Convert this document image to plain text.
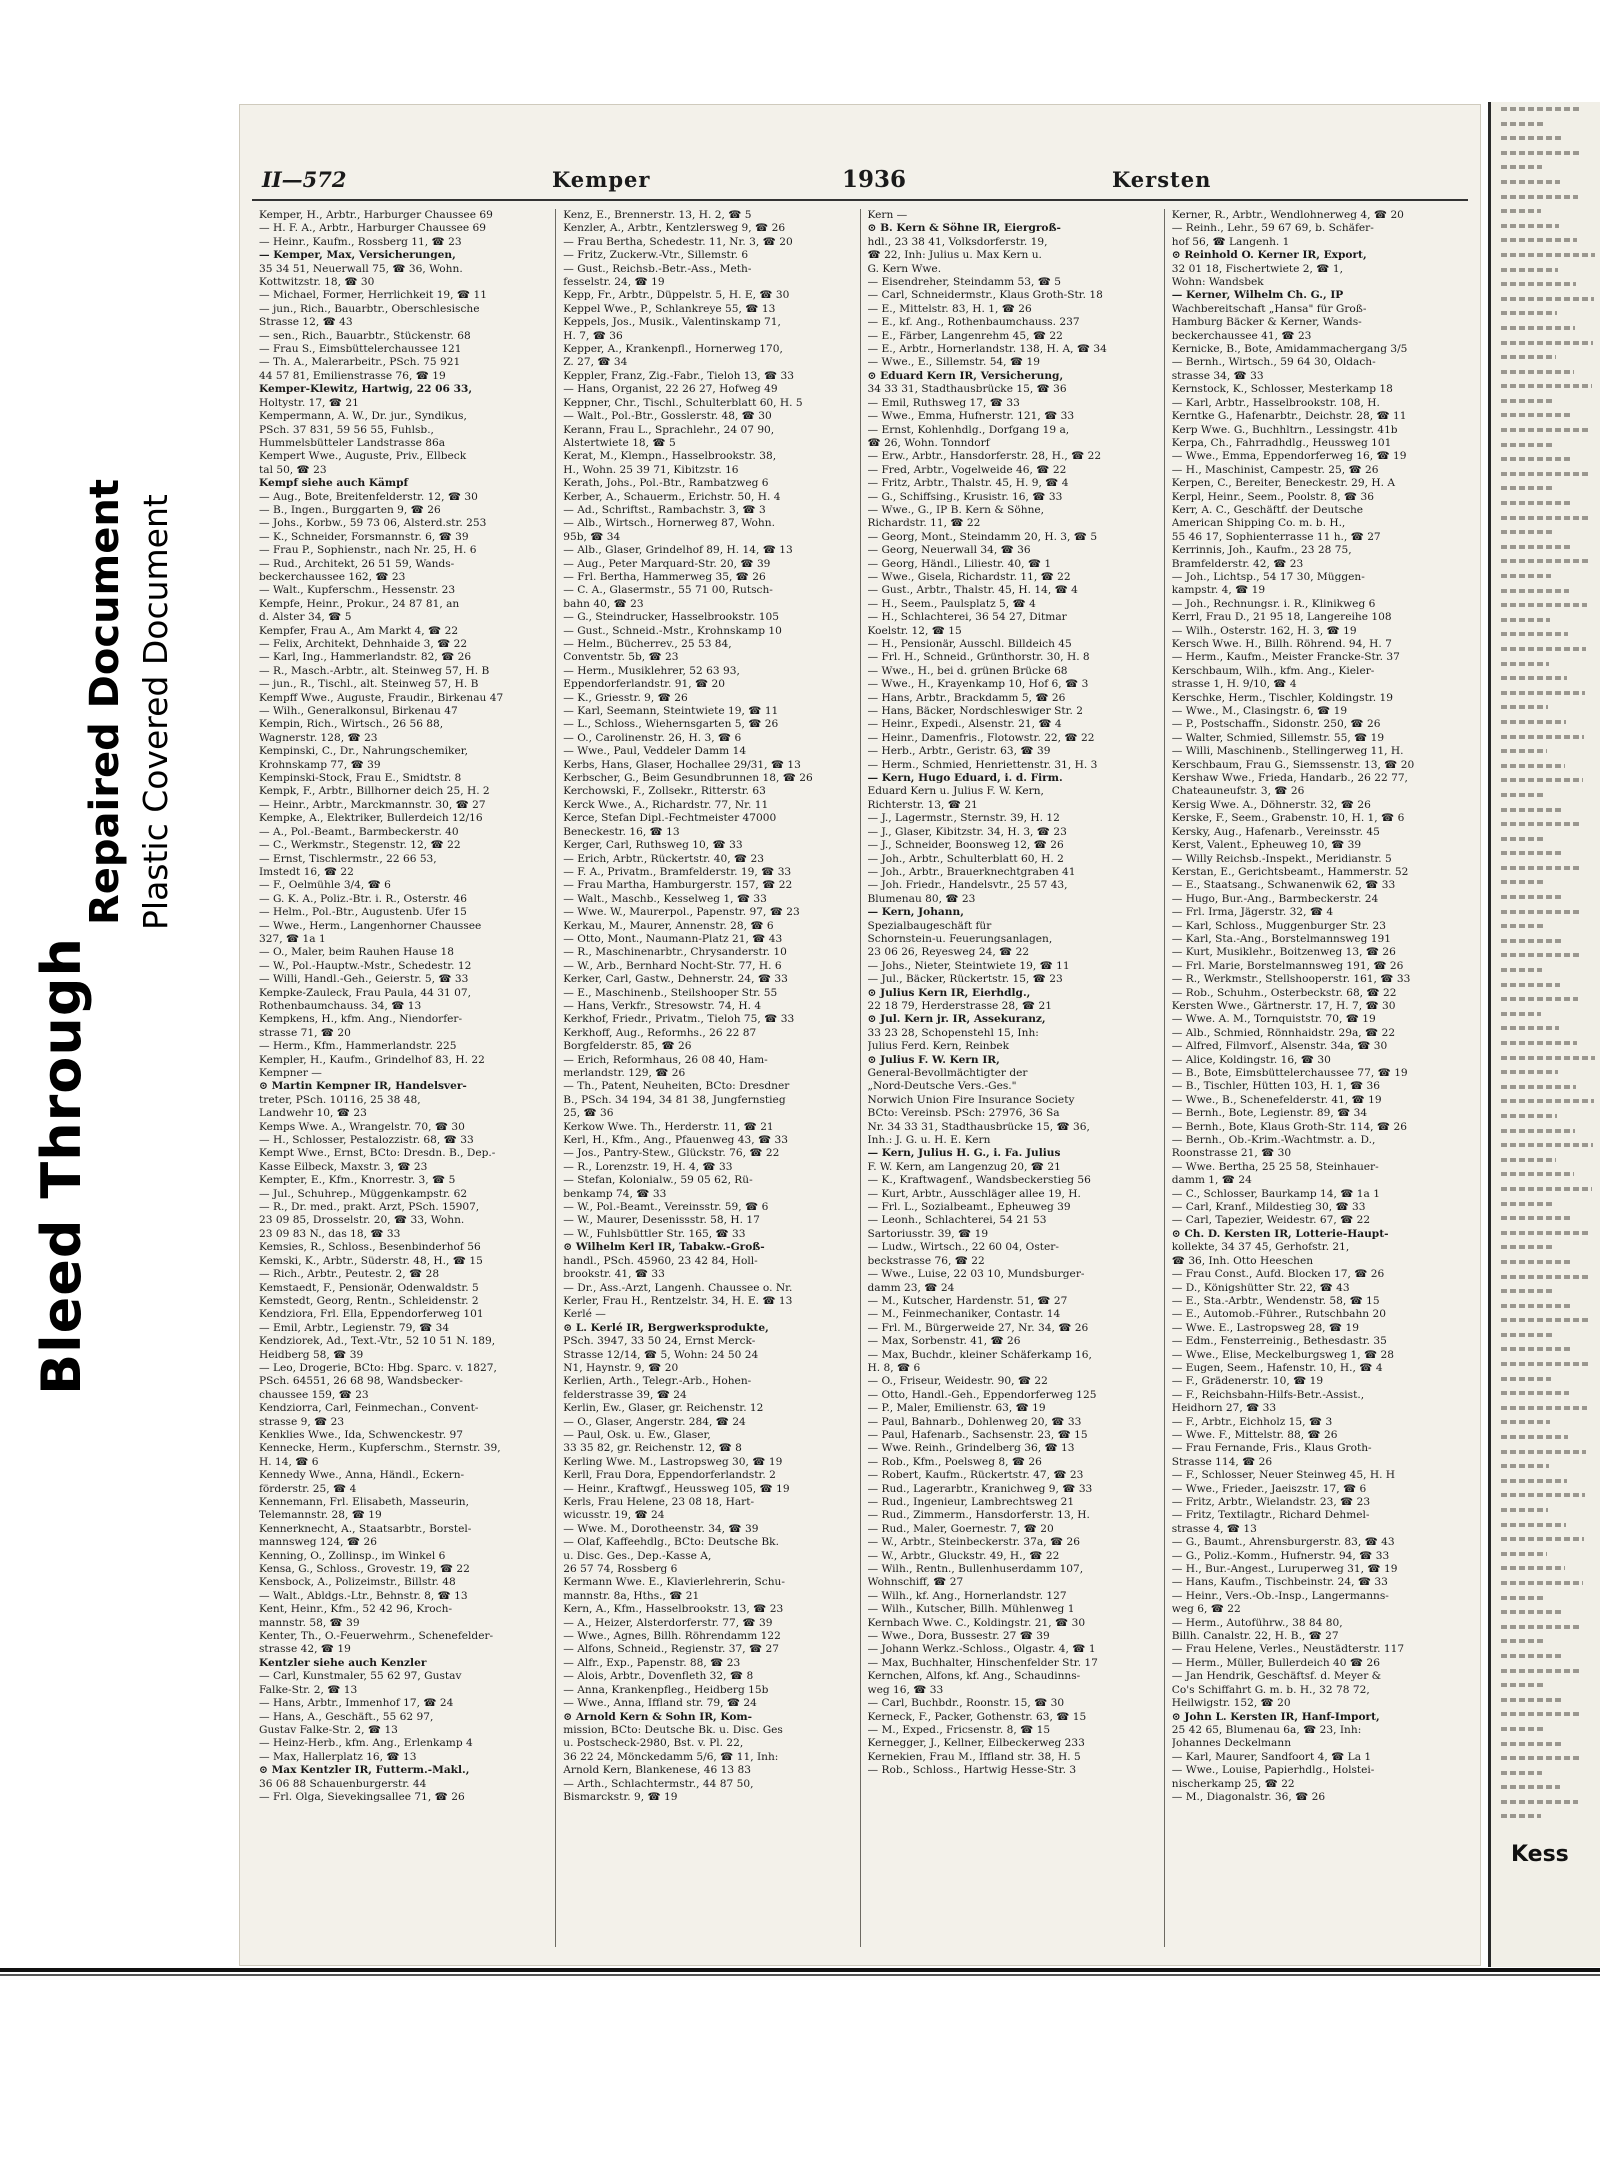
Bleed Through
Repaired Document Plastic Covered Document
II—572	Kemper	1936	Kersten
Kemper, H., Arbtr., Harburger Chaussee 69
— H. F. A., Arbtr., Harburger Chaussee 69
— Heinr., Kaufm., Rossberg 11, ☎ 23
— Kemper, Max, Versicherungen,
35 34 51, Neuerwall 75, ☎ 36, Wohn.
Kottwitzstr. 18, ☎ 30
— Michael, Former, Herrlichkeit 19, ☎ 11
— jun., Rich., Bauarbtr., Oberschlesische
Strasse 12, ☎ 43
— sen., Rich., Bauarbtr., Stückenstr. 68
— Frau S., Eimsbüttelerchaussee 121
— Th. A., Malerarbeitr., PSch. 75 921
44 57 81, Emilienstrasse 76, ☎ 19
Kemper-Klewitz, Hartwig, 22 06 33,
Holtystr. 17, ☎ 21
Kempermann, A. W., Dr. jur., Syndikus,
PSch. 37 831, 59 56 55, Fuhlsb.,
Hummelsbütteler Landstrasse 86a
Kempert Wwe., Auguste, Priv., Ellbeck
tal 50, ☎ 23
Kempf siehe auch Kämpf
— Aug., Bote, Breitenfelderstr. 12, ☎ 30
— B., Ingen., Burggarten 9, ☎ 26
— Johs., Korbw., 59 73 06, Alsterd.str. 253
— K., Schneider, Forsmannstr. 6, ☎ 39
— Frau P., Sophienstr., nach Nr. 25, H. 6
— Rud., Architekt, 26 51 59, Wands-
beckerchaussee 162, ☎ 23
— Walt., Kupferschm., Hessenstr. 23
Kempfe, Heinr., Prokur., 24 87 81, an
d. Alster 34, ☎ 5
Kempfer, Frau A., Am Markt 4, ☎ 22
— Felix, Architekt, Dehnhaide 3, ☎ 22
— Karl, Ing., Hammerlandstr. 82, ☎ 26
— R., Masch.-Arbtr., alt. Steinweg 57, H. B
— jun., R., Tischl., alt. Steinweg 57, H. B
Kempff Wwe., Auguste, Fraudir., Birkenau 47
— Wilh., Generalkonsul, Birkenau 47
Kempin, Rich., Wirtsch., 26 56 88,
Wagnerstr. 128, ☎ 23
Kempinski, C., Dr., Nahrungschemiker,
Krohnskamp 77, ☎ 39
Kempinski-Stock, Frau E., Smidtstr. 8
Kempk, F., Arbtr., Billhorner deich 25, H. 2
— Heinr., Arbtr., Marckmannstr. 30, ☎ 27
Kempke, A., Elektriker, Bullerdeich 12/16
— A., Pol.-Beamt., Barmbeckerstr. 40
— C., Werkmstr., Stegenstr. 12, ☎ 22
— Ernst, Tischlermstr., 22 66 53,
Imstedt 16, ☎ 22
— F., Oelmühle 3/4, ☎ 6
— G. K. A., Poliz.-Btr. i. R., Osterstr. 46
— Helm., Pol.-Btr., Augustenb. Ufer 15
— Wwe., Herm., Langenhorner Chaussee
327, ☎ 1a 1
— O., Maler, beim Rauhen Hause 18
— W., Pol.-Hauptw.-Mstr., Schedestr. 12
— Willi, Handl.-Geh., Geierstr. 5, ☎ 33
Kempke-Zauleck, Frau Paula, 44 31 07,
Rothenbaumchauss. 34, ☎ 13
Kempkens, H., kfm. Ang., Niendorfer-
strasse 71, ☎ 20
— Herm., Kfm., Hammerlandstr. 225
Kempler, H., Kaufm., Grindelhof 83, H. 22
Kempner —
⊙ Martin Kempner IR, Handelsver-
treter, PSch. 10116, 25 38 48,
Landwehr 10, ☎ 23
Kemps Wwe. A., Wrangelstr. 70, ☎ 30
— H., Schlosser, Pestalozzistr. 68, ☎ 33
Kempt Wwe., Ernst, BCto: Dresdn. B., Dep.-
Kasse Eilbeck, Maxstr. 3, ☎ 23
Kempter, E., Kfm., Knorrestr. 3, ☎ 5
— Jul., Schuhrep., Müggenkampstr. 62
— R., Dr. med., prakt. Arzt, PSch. 15907,
23 09 85, Drosselstr. 20, ☎ 33, Wohn.
23 09 83 N., das 18, ☎ 33
Kemsies, R., Schloss., Besenbinderhof 56
Kemski, K., Arbtr., Süderstr. 48, H., ☎ 15
— Rich., Arbtr., Peutestr. 2, ☎ 28
Kemstaedt, F., Pensionär, Odenwaldstr. 5
Kemstedt, Georg, Rentn., Schleidenstr. 2
Kendziora, Frl. Ella, Eppendorferweg 101
— Emil, Arbtr., Legienstr. 79, ☎ 34
Kendziorek, Ad., Text.-Vtr., 52 10 51 N. 189,
Heidberg 58, ☎ 39
— Leo, Drogerie, BCto: Hbg. Sparc. v. 1827,
PSch. 64551, 26 68 98, Wandsbecker-
chaussee 159, ☎ 23
Kendziorra, Carl, Feinmechan., Convent-
strasse 9, ☎ 23
Kenklies Wwe., Ida, Schwenckestr. 97
Kennecke, Herm., Kupferschm., Sternstr. 39,
H. 14, ☎ 6
Kennedy Wwe., Anna, Händl., Eckern-
förderstr. 25, ☎ 4
Kennemann, Frl. Elisabeth, Masseurin,
Telemannstr. 28, ☎ 19
Kennerknecht, A., Staatsarbtr., Borstel-
mannsweg 124, ☎ 26
Kenning, O., Zollinsp., im Winkel 6
Kensa, G., Schloss., Grovestr. 19, ☎ 22
Kensbock, A., Polizeimstr., Billstr. 48
— Walt., Abldgs.-Ltr., Behnstr. 8, ☎ 13
Kent, Heinr., Kfm., 52 42 96, Kroch-
mannstr. 58, ☎ 39
Kenter, Th., O.-Feuerwehrm., Schenefelder-
strasse 42, ☎ 19
Kentzler siehe auch Kenzler
— Carl, Kunstmaler, 55 62 97, Gustav
Falke-Str. 2, ☎ 13
— Hans, Arbtr., Immenhof 17, ☎ 24
— Hans, A., Geschäft., 55 62 97,
Gustav Falke-Str. 2, ☎ 13
— Heinz-Herb., kfm. Ang., Erlenkamp 4
— Max, Hallerplatz 16, ☎ 13
⊙ Max Kentzler IR, Futterm.-Makl.,
36 06 88 Schauenburgerstr. 44
— Frl. Olga, Sievekingsallee 71, ☎ 26
Kenz, E., Brennerstr. 13, H. 2, ☎ 5
Kenzler, A., Arbtr., Kentzlersweg 9, ☎ 26
— Frau Bertha, Schedestr. 11, Nr. 3, ☎ 20
— Fritz, Zuckerw.-Vtr., Sillemstr. 6
— Gust., Reichsb.-Betr.-Ass., Meth-
fesselstr. 24, ☎ 19
Kepp, Fr., Arbtr., Düppelstr. 5, H. E, ☎ 30
Keppel Wwe., P., Schlankreye 55, ☎ 13
Keppels, Jos., Musik., Valentinskamp 71,
H. 7, ☎ 36
Kepper, A., Krankenpfl., Hornerweg 170,
Z. 27, ☎ 34
Keppler, Franz, Zig.-Fabr., Tieloh 13, ☎ 33
— Hans, Organist, 22 26 27, Hofweg 49
Keppner, Chr., Tischl., Schulterblatt 60, H. 5
— Walt., Pol.-Btr., Gosslerstr. 48, ☎ 30
Kerann, Frau L., Sprachlehr., 24 07 90,
Alstertwiete 18, ☎ 5
Kerat, M., Klempn., Hasselbrookstr. 38,
H., Wohn. 25 39 71, Kibitzstr. 16
Kerath, Johs., Pol.-Btr., Rambatzweg 6
Kerber, A., Schauerm., Erichstr. 50, H. 4
— Ad., Schriftst., Rambachstr. 3, ☎ 3
— Alb., Wirtsch., Hornerweg 87, Wohn.
95b, ☎ 34
— Alb., Glaser, Grindelhof 89, H. 14, ☎ 13
— Aug., Peter Marquard-Str. 20, ☎ 39
— Frl. Bertha, Hammerweg 35, ☎ 26
— C. A., Glasermstr., 55 71 00, Rutsch-
bahn 40, ☎ 23
— G., Steindrucker, Hasselbrookstr. 105
— Gust., Schneid.-Mstr., Krohnskamp 10
— Helm., Bücherrev., 25 53 84,
Conventstr. 5b, ☎ 23
— Herm., Musiklehrer, 52 63 93,
Eppendorferlandstr. 91, ☎ 20
— K., Griesstr. 9, ☎ 26
— Karl, Seemann, Steintwiete 19, ☎ 11
— L., Schloss., Wiehernsgarten 5, ☎ 26
— O., Carolinenstr. 26, H. 3, ☎ 6
— Wwe., Paul, Veddeler Damm 14
Kerbs, Hans, Glaser, Hochallee 29/31, ☎ 13
Kerbscher, G., Beim Gesundbrunnen 18, ☎ 26
Kerchowski, F., Zollsekr., Ritterstr. 63
Kerck Wwe., A., Richardstr. 77, Nr. 11
Kerce, Stefan Dipl.-Fechtmeister 47000
Beneckestr. 16, ☎ 13
Kerger, Carl, Ruthsweg 10, ☎ 33
— Erich, Arbtr., Rückertstr. 40, ☎ 23
— F. A., Privatm., Bramfelderstr. 19, ☎ 33
— Frau Martha, Hamburgerstr. 157, ☎ 22
— Walt., Maschb., Kesselweg 1, ☎ 33
— Wwe. W., Maurerpol., Papenstr. 97, ☎ 23
Kerkau, M., Maurer, Annenstr. 28, ☎ 6
— Otto, Mont., Naumann-Platz 21, ☎ 43
— R., Maschinenarbtr., Chrysanderstr. 10
— W., Arb., Bernhard Nocht-Str. 77, H. 6
Kerker, Carl, Gastw., Dehnerstr. 24, ☎ 33
— E., Maschinenb., Steilshooper Str. 55
— Hans, Verkfr., Stresowstr. 74, H. 4
Kerkhof, Friedr., Privatm., Tieloh 75, ☎ 33
Kerkhoff, Aug., Reformhs., 26 22 87
Borgfelderstr. 85, ☎ 26
— Erich, Reformhaus, 26 08 40, Ham-
merlandstr. 129, ☎ 26
— Th., Patent, Neuheiten, BCto: Dresdner
B., PSch. 34 194, 34 81 38, Jungfernstieg
25, ☎ 36
Kerkow Wwe. Th., Herderstr. 11, ☎ 21
Kerl, H., Kfm., Ang., Pfauenweg 43, ☎ 33
— Jos., Pantry-Stew., Glückstr. 76, ☎ 22
— R., Lorenzstr. 19, H. 4, ☎ 33
— Stefan, Kolonialw., 59 05 62, Rü-
benkamp 74, ☎ 33
— W., Pol.-Beamt., Vereinsstr. 59, ☎ 6
— W., Maurer, Desenissstr. 58, H. 17
— W., Fuhlsbüttler Str. 165, ☎ 33
⊙ Wilhelm Kerl IR, Tabakw.-Groß-
handl., PSch. 45960, 23 42 84, Holl-
brookstr. 41, ☎ 33
— Dr., Ass.-Arzt, Langenh. Chaussee o. Nr.
Kerler, Frau H., Rentzelstr. 34, H. E. ☎ 13
Kerlé —
⊙ L. Kerlé IR, Bergwerksprodukte,
PSch. 3947, 33 50 24, Ernst Merck-
Strasse 12/14, ☎ 5, Wohn: 24 50 24
N1, Haynstr. 9, ☎ 20
Kerlien, Arth., Telegr.-Arb., Hohen-
felderstrasse 39, ☎ 24
Kerlin, Ew., Glaser, gr. Reichenstr. 12
— O., Glaser, Angerstr. 284, ☎ 24
— Paul, Osk. u. Ew., Glaser,
33 35 82, gr. Reichenstr. 12, ☎ 8
Kerling Wwe. M., Lastropsweg 30, ☎ 19
Kerll, Frau Dora, Eppendorferlandstr. 2
— Heinr., Kraftwgf., Heussweg 105, ☎ 19
Kerls, Frau Helene, 23 08 18, Hart-
wicusstr. 19, ☎ 24
— Wwe. M., Dorotheenstr. 34, ☎ 39
— Olaf, Kaffeehdlg., BCto: Deutsche Bk.
u. Disc. Ges., Dep.-Kasse A,
26 57 74, Rossberg 6
Kermann Wwe. E., Klavierlehrerin, Schu-
mannstr. 8a, Hths., ☎ 21
Kern, A., Kfm., Hasselbrookstr. 13, ☎ 23
— A., Heizer, Alsterdorferstr. 77, ☎ 39
— Wwe., Agnes, Billh. Röhrendamm 122
— Alfons, Schneid., Regienstr. 37, ☎ 27
— Alfr., Exp., Papenstr. 88, ☎ 23
— Alois, Arbtr., Dovenfleth 32, ☎ 8
— Anna, Krankenpfleg., Heidberg 15b
— Wwe., Anna, Iffland str. 79, ☎ 24
⊙ Arnold Kern & Sohn IR, Kom-
mission, BCto: Deutsche Bk. u. Disc. Ges
u. Postscheck-2980, Bst. v. Pl. 22,
36 22 24, Mönckedamm 5/6, ☎ 11, Inh:
Arnold Kern, Blankenese, 46 13 83
— Arth., Schlachtermstr., 44 87 50,
Bismarckstr. 9, ☎ 19
Kern —
⊙ B. Kern & Söhne IR, Eiergroß-
hdl., 23 38 41, Volksdorferstr. 19,
☎ 22, Inh: Julius u. Max Kern u.
G. Kern Wwe.
— Eisendreher, Steindamm 53, ☎ 5
— Carl, Schneidermstr., Klaus Groth-Str. 18
— E., Mittelstr. 83, H. 1, ☎ 26
— E., kf. Ang., Rothenbaumchauss. 237
— E., Färber, Langenrehm 45, ☎ 22
— E., Arbtr., Hornerlandstr. 138, H. A, ☎ 34
— Wwe., E., Sillemstr. 54, ☎ 19
⊙ Eduard Kern IR, Versicherung,
34 33 31, Stadthausbrücke 15, ☎ 36
— Emil, Ruthsweg 17, ☎ 33
— Wwe., Emma, Hufnerstr. 121, ☎ 33
— Ernst, Kohlenhdlg., Dorfgang 19 a,
☎ 26, Wohn. Tonndorf
— Erw., Arbtr., Hansdorferstr. 28, H., ☎ 22
— Fred, Arbtr., Vogelweide 46, ☎ 22
— Fritz, Arbtr., Thalstr. 45, H. 9, ☎ 4
— G., Schiffsing., Krusistr. 16, ☎ 33
— Wwe., G., IP B. Kern & Söhne,
Richardstr. 11, ☎ 22
— Georg, Mont., Steindamm 20, H. 3, ☎ 5
— Georg, Neuerwall 34, ☎ 36
— Georg, Händl., Liliestr. 40, ☎ 1
— Wwe., Gisela, Richardstr. 11, ☎ 22
— Gust., Arbtr., Thalstr. 45, H. 14, ☎ 4
— H., Seem., Paulsplatz 5, ☎ 4
— H., Schlachterei, 36 54 27, Ditmar
Koelstr. 12, ☎ 15
— H., Pensionär, Ausschl. Billdeich 45
— Frl. H., Schneid., Grünthorstr. 30, H. 8
— Wwe., H., bei d. grünen Brücke 68
— Wwe., H., Krayenkamp 10, Hof 6, ☎ 3
— Hans, Arbtr., Brackdamm 5, ☎ 26
— Hans, Bäcker, Nordschleswiger Str. 2
— Heinr., Expedi., Alsenstr. 21, ☎ 4
— Heinr., Damenfris., Flotowstr. 22, ☎ 22
— Herb., Arbtr., Geristr. 63, ☎ 39
— Herm., Schmied, Henriettenstr. 31, H. 3
— Kern, Hugo Eduard, i. d. Firm.
Eduard Kern u. Julius F. W. Kern,
Richterstr. 13, ☎ 21
— J., Lagermstr., Sternstr. 39, H. 12
— J., Glaser, Kibitzstr. 34, H. 3, ☎ 23
— J., Schneider, Boonsweg 12, ☎ 26
— Joh., Arbtr., Schulterblatt 60, H. 2
— Joh., Arbtr., Brauerknechtgraben 41
— Joh. Friedr., Handelsvtr., 25 57 43,
Blumenau 80, ☎ 23
— Kern, Johann,
Spezialbaugeschäft für
Schornstein-u. Feuerungsanlagen,
23 06 26, Reyesweg 24, ☎ 22
— Johs., Nieter, Steintwiete 19, ☎ 11
— Jul., Bäcker, Rückertstr. 15, ☎ 23
⊙ Julius Kern IR, Eierhdlg.,
22 18 79, Herderstrasse 28, ☎ 21
⊙ Jul. Kern jr. IR, Assekuranz,
33 23 28, Schopenstehl 15, Inh:
Julius Ferd. Kern, Reinbek
⊙ Julius F. W. Kern IR,
General-Bevollmächtigter der
„Nord-Deutsche Vers.-Ges."
Norwich Union Fire Insurance Society
BCto: Vereinsb. PSch: 27976, 36 Sa
Nr. 34 33 31, Stadthausbrücke 15, ☎ 36,
Inh.: J. G. u. H. E. Kern
— Kern, Julius H. G., i. Fa. Julius
F. W. Kern, am Langenzug 20, ☎ 21
— K., Kraftwagenf., Wandsbeckerstieg 56
— Kurt, Arbtr., Ausschläger allee 19, H.
— Frl. L., Sozialbeamt., Epheuweg 39
— Leonh., Schlachterei, 54 21 53
Sartoriusstr. 39, ☎ 19
— Ludw., Wirtsch., 22 60 04, Oster-
beckstrasse 76, ☎ 22
— Wwe., Luise, 22 03 10, Mundsburger-
damm 23, ☎ 24
— M., Kutscher, Hardenstr. 51, ☎ 27
— M., Feinmechaniker, Contastr. 14
— Frl. M., Bürgerweide 27, Nr. 34, ☎ 26
— Max, Sorbenstr. 41, ☎ 26
— Max, Buchdr., kleiner Schäferkamp 16,
H. 8, ☎ 6
— O., Friseur, Weidestr. 90, ☎ 22
— Otto, Handl.-Geh., Eppendorferweg 125
— P., Maler, Emilienstr. 63, ☎ 19
— Paul, Bahnarb., Dohlenweg 20, ☎ 33
— Paul, Hafenarb., Sachsenstr. 23, ☎ 15
— Wwe. Reinh., Grindelberg 36, ☎ 13
— Rob., Kfm., Poelsweg 8, ☎ 26
— Robert, Kaufm., Rückertstr. 47, ☎ 23
— Rud., Lagerarbtr., Kranichweg 9, ☎ 33
— Rud., Ingenieur, Lambrechtsweg 21
— Rud., Zimmerm., Hansdorferstr. 13, H.
— Rud., Maler, Goernestr. 7, ☎ 20
— W., Arbtr., Steinbeckerstr. 37a, ☎ 26
— W., Arbtr., Gluckstr. 49, H., ☎ 22
— Wilh., Rentn., Bullenhuserdamm 107,
Wohnschiff, ☎ 27
— Wilh., kf. Ang., Hornerlandstr. 127
— Wilh., Kutscher, Billh. Mühlenweg 1
Kernbach Wwe. C., Koldingstr. 21, ☎ 30
— Wwe., Dora, Bussestr. 27 ☎ 39
— Johann Werkz.-Schloss., Olgastr. 4, ☎ 1
— Max, Buchhalter, Hinschenfelder Str. 17
Kernchen, Alfons, kf. Ang., Schaudinns-
weg 16, ☎ 33
— Carl, Buchbdr., Roonstr. 15, ☎ 30
Kerneck, F., Packer, Gothenstr. 63, ☎ 15
— M., Exped., Fricsenstr. 8, ☎ 15
Kernegger, J., Kellner, Eilbeckerweg 233
Kernekien, Frau M., Iffland str. 38, H. 5
— Rob., Schloss., Hartwig Hesse-Str. 3
Kerner, R., Arbtr., Wendlohnerweg 4, ☎ 20
— Reinh., Lehr., 59 67 69, b. Schäfer-
hof 56, ☎ Langenh. 1
⊙ Reinhold O. Kerner IR, Export,
32 01 18, Fischertwiete 2, ☎ 1,
Wohn: Wandsbek
— Kerner, Wilhelm Ch. G., IP
Wachbereitschaft „Hansa" für Groß-
Hamburg Bäcker & Kerner, Wands-
beckerchaussee 41, ☎ 23
Kernicke, B., Bote, Amidammachergang 3/5
— Bernh., Wirtsch., 59 64 30, Oldach-
strasse 34, ☎ 33
Kernstock, K., Schlosser, Mesterkamp 18
— Karl, Arbtr., Hasselbrookstr. 108, H.
Kerntke G., Hafenarbtr., Deichstr. 28, ☎ 11
Kerp Wwe. G., Buchhltrn., Lessingstr. 41b
Kerpa, Ch., Fahrradhdlg., Heussweg 101
— Wwe., Emma, Eppendorferweg 16, ☎ 19
— H., Maschinist, Campestr. 25, ☎ 26
Kerpen, C., Bereiter, Beneckestr. 29, H. A
Kerpl, Heinr., Seem., Poolstr. 8, ☎ 36
Kerr, A. C., Geschäftf. der Deutsche
American Shipping Co. m. b. H.,
55 46 17, Sophienterrasse 11 h., ☎ 27
Kerrinnis, Joh., Kaufm., 23 28 75,
Bramfelderstr. 42, ☎ 23
— Joh., Lichtsp., 54 17 30, Müggen-
kampstr. 4, ☎ 19
— Joh., Rechnungsr. i. R., Klinikweg 6
Kerrl, Frau D., 21 95 18, Langereihe 108
— Wilh., Osterstr. 162, H. 3, ☎ 19
Kersch Wwe. H., Billh. Röhrend. 94, H. 7
— Herm., Kaufm., Meister Francke-Str. 37
Kerschbaum, Wilh., kfm. Ang., Kieler-
strasse 1, H. 9/10, ☎ 4
Kerschke, Herm., Tischler, Koldingstr. 19
— Wwe., M., Clasingstr. 6, ☎ 19
— P., Postschaffn., Sidonstr. 250, ☎ 26
— Walter, Schmied, Sillemstr. 55, ☎ 19
— Willi, Maschinenb., Stellingerweg 11, H.
Kerschbaum, Frau G., Siemssenstr. 13, ☎ 20
Kershaw Wwe., Frieda, Handarb., 26 22 77,
Chateauneufstr. 3, ☎ 26
Kersig Wwe. A., Döhnerstr. 32, ☎ 26
Kerske, F., Seem., Grabenstr. 10, H. 1, ☎ 6
Kersky, Aug., Hafenarb., Vereinsstr. 45
Kerst, Valent., Epheuweg 10, ☎ 39
— Willy Reichsb.-Inspekt., Meridianstr. 5
Kerstan, E., Gerichtsbeamt., Hammerstr. 52
— E., Staatsang., Schwanenwik 62, ☎ 33
— Hugo, Bur.-Ang., Barmbeckerstr. 24
— Frl. Irma, Jägerstr. 32, ☎ 4
— Karl, Schloss., Muggenburger Str. 23
— Karl, Sta.-Ang., Borstelmannsweg 191
— Kurt, Musiklehr., Boitzenweg 13, ☎ 26
— Frl. Marie, Borstelmannsweg 191, ☎ 26
— R., Werkmstr., Stellshooperstr. 161, ☎ 33
— Rob., Schuhm., Osterbeckstr. 68, ☎ 22
Kersten Wwe., Gärtnerstr. 17, H. 7, ☎ 30
— Wwe. A. M., Tornquiststr. 70, ☎ 19
— Alb., Schmied, Rönnhaidstr. 29a, ☎ 22
— Alfred, Filmvorf., Alsenstr. 34a, ☎ 30
— Alice, Koldingstr. 16, ☎ 30
— B., Bote, Eimsbüttelerchaussee 77, ☎ 19
— B., Tischler, Hütten 103, H. 1, ☎ 36
— Wwe., B., Schenefelderstr. 41, ☎ 19
— Bernh., Bote, Legienstr. 89, ☎ 34
— Bernh., Bote, Klaus Groth-Str. 114, ☎ 26
— Bernh., Ob.-Krim.-Wachtmstr. a. D.,
Roonstrasse 21, ☎ 30
— Wwe. Bertha, 25 25 58, Steinhauer-
damm 1, ☎ 24
— C., Schlosser, Baurkamp 14, ☎ 1a 1
— Carl, Kranf., Mildestieg 30, ☎ 33
— Carl, Tapezier, Weidestr. 67, ☎ 22
⊙ Ch. D. Kersten IR, Lotterie-Haupt-
kollekte, 34 37 45, Gerhofstr. 21,
☎ 36, Inh. Otto Heeschen
— Frau Const., Aufd. Blocken 17, ☎ 26
— D., Königshütter Str. 22, ☎ 43
— E., Sta.-Arbtr., Wendenstr. 58, ☎ 15
— E., Automob.-Führer., Rutschbahn 20
— Wwe. E., Lastropsweg 28, ☎ 19
— Edm., Fensterreinig., Bethesdastr. 35
— Wwe., Elise, Meckelburgsweg 1, ☎ 28
— Eugen, Seem., Hafenstr. 10, H., ☎ 4
— F., Grädenerstr. 10, ☎ 19
— F., Reichsbahn-Hilfs-Betr.-Assist.,
Heidhorn 27, ☎ 33
— F., Arbtr., Eichholz 15, ☎ 3
— Wwe. F., Mittelstr. 88, ☎ 26
— Frau Fernande, Fris., Klaus Groth-
Strasse 114, ☎ 26
— F., Schlosser, Neuer Steinweg 45, H. H
— Wwe., Frieder., Jaeiszstr. 17, ☎ 6
— Fritz, Arbtr., Wielandstr. 23, ☎ 23
— Fritz, Textilagtr., Richard Dehmel-
strasse 4, ☎ 13
— G., Baumt., Ahrensburgerstr. 83, ☎ 43
— G., Poliz.-Komm., Hufnerstr. 94, ☎ 33
— H., Bur.-Angest., Luruperweg 31, ☎ 19
— Hans, Kaufm., Tischbeinstr. 24, ☎ 33
— Heinr., Vers.-Ob.-Insp., Langermanns-
weg 6, ☎ 22
— Herm., Autoführw., 38 84 80,
Billh. Canalstr. 22, H. B., ☎ 27
— Frau Helene, Verles., Neustädterstr. 117
— Herm., Müller, Bullerdeich 40 ☎ 26
— Jan Hendrik, Geschäftsf. d. Meyer &
Co's Schiffahrt G. m. b. H., 32 78 72,
Heilwigstr. 152, ☎ 20
⊙ John L. Kersten IR, Hanf-Import,
25 42 65, Blumenau 6a, ☎ 23, Inh:
Johannes Deckelmann
— Karl, Maurer, Sandfoort 4, ☎ La 1
— Wwe., Louise, Papierhdlg., Holstei-
nischerkamp 25, ☎ 22
— M., Diagonalstr. 36, ☎ 26
Kess
